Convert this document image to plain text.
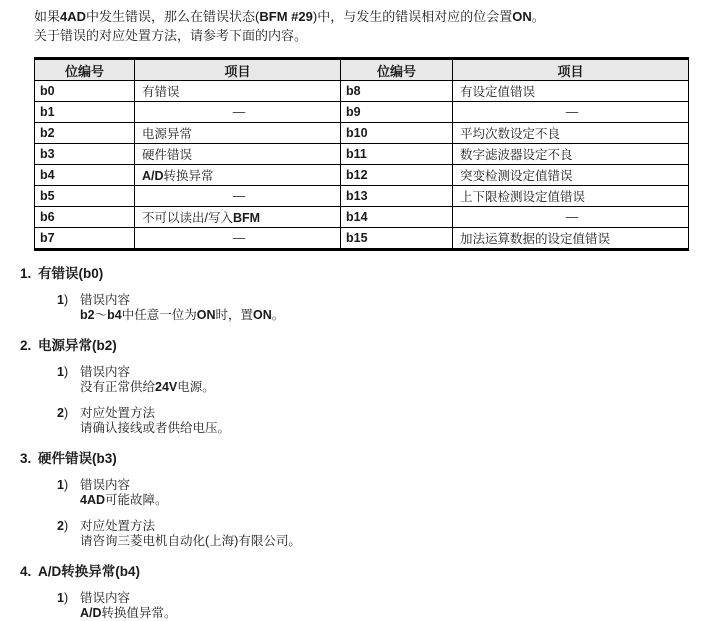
如果4AD中发生错误，那么在错误状态(BFM #29)中，与发生的错误相对应的位会置ON。
关于错误的对应处置方法，请参考下面的内容。

位编号	项目	位编号	项目
b0	有错误	b8	有设定值错误
b1	—	b9	—
b2	电源异常	b10	平均次数设定不良
b3	硬件错误	b11	数字滤波器设定不良
b4	A/D转换异常	b12	突变检测设定值错误
b5	—	b13	上下限检测设定值错误
b6	不可以读出/写入BFM	b14	—
b7	—	b15	加法运算数据的设定值错误
1. 有错误(b0)
1) 错误内容
b2～b4中任意一位为ON时，置ON。
2. 电源异常(b2)
1) 错误内容
没有正常供给24V电源。
2) 对应处置方法
请确认接线或者供给电压。
3. 硬件错误(b3)
1) 错误内容
4AD可能故障。
2) 对应处置方法
请咨询三菱电机自动化(上海)有限公司。
4. A/D转换异常(b4)
1) 错误内容
A/D转换值异常。
